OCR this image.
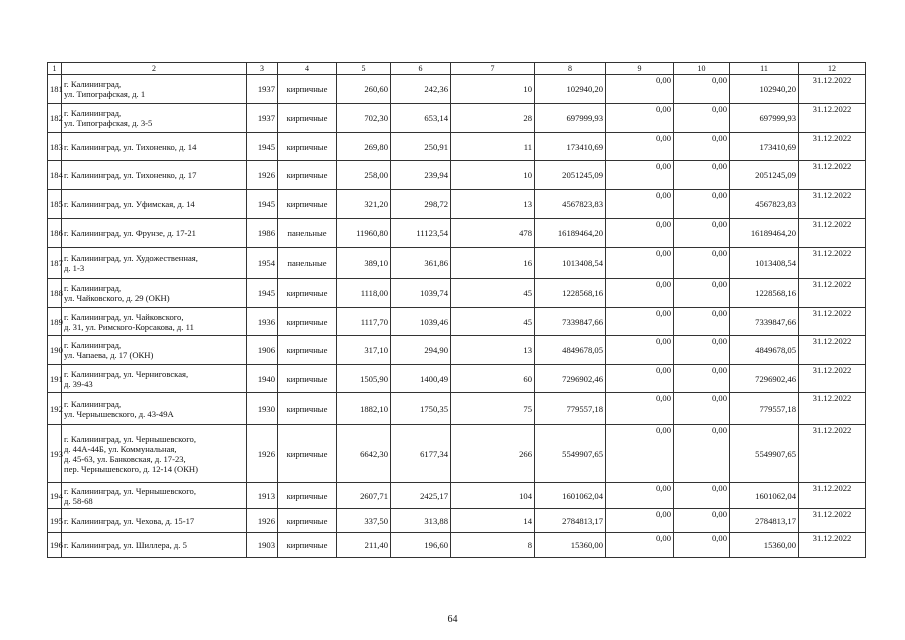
1	2	3	4	5	6	7	8	9	10	11	12
181	г. Калининград,
ул. Типографская, д. 1	1937	кирпичные	260,60	242,36	10	102940,20	0,00	0,00	102940,20	31.12.2022
182	г. Калининград,
ул. Типографская, д. 3-5	1937	кирпичные	702,30	653,14	28	697999,93	0,00	0,00	697999,93	31.12.2022
183	г. Калининград, ул. Тихоненко, д. 14	1945	кирпичные	269,80	250,91	11	173410,69	0,00	0,00	173410,69	31.12.2022
184	г. Калининград, ул. Тихоненко, д. 17	1926	кирпичные	258,00	239,94	10	2051245,09	0,00	0,00	2051245,09	31.12.2022
185	г. Калининград, ул. Уфимская, д. 14	1945	кирпичные	321,20	298,72	13	4567823,83	0,00	0,00	4567823,83	31.12.2022
186	г. Калининград, ул. Фрунзе, д. 17-21	1986	панельные	11960,80	11123,54	478	16189464,20	0,00	0,00	16189464,20	31.12.2022
187	г. Калининград, ул. Художественная,
д. 1-3	1954	панельные	389,10	361,86	16	1013408,54	0,00	0,00	1013408,54	31.12.2022
188	г. Калининград,
ул. Чайковского, д. 29 (ОКН)	1945	кирпичные	1118,00	1039,74	45	1228568,16	0,00	0,00	1228568,16	31.12.2022
189	г. Калининград, ул. Чайковского,
д. 31, ул. Римского-Корсакова, д. 11	1936	кирпичные	1117,70	1039,46	45	7339847,66	0,00	0,00	7339847,66	31.12.2022
190	г. Калининград,
ул. Чапаева, д. 17 (ОКН)	1906	кирпичные	317,10	294,90	13	4849678,05	0,00	0,00	4849678,05	31.12.2022
191	г. Калининград, ул. Черниговская,
д. 39-43	1940	кирпичные	1505,90	1400,49	60	7296902,46	0,00	0,00	7296902,46	31.12.2022
192	г. Калининград,
ул. Чернышевского, д. 43-49А	1930	кирпичные	1882,10	1750,35	75	779557,18	0,00	0,00	779557,18	31.12.2022
193	г. Калининград, ул. Чернышевского,
д. 44А-44Б, ул. Коммунальная,
д. 45-63, ул. Банковская, д. 17-23,
пер. Чернышевского, д. 12-14 (ОКН)	1926	кирпичные	6642,30	6177,34	266	5549907,65	0,00	0,00	5549907,65	31.12.2022
194	г. Калининград, ул. Чернышевского,
д. 58-68	1913	кирпичные	2607,71	2425,17	104	1601062,04	0,00	0,00	1601062,04	31.12.2022
195	г. Калининград, ул. Чехова, д. 15-17	1926	кирпичные	337,50	313,88	14	2784813,17	0,00	0,00	2784813,17	31.12.2022
196	г. Калининград, ул. Шиллера, д. 5	1903	кирпичные	211,40	196,60	8	15360,00	0,00	0,00	15360,00	31.12.2022
64
